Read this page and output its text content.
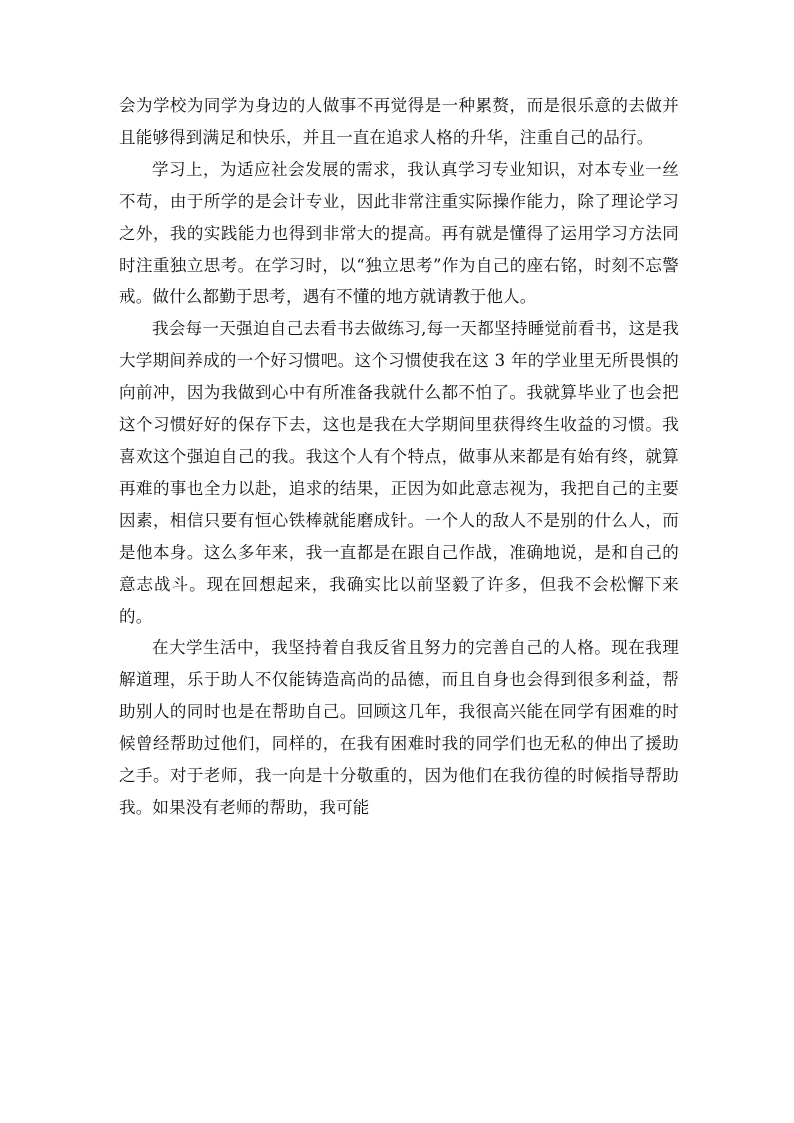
会为学校为同学为身边的人做事不再觉得是一种累赘，而是很乐意的去做并且能够得到满足和快乐，并且一直在追求人格的升华，注重自己的品行。

学习上，为适应社会发展的需求，我认真学习专业知识，对本专业一丝不苟，由于所学的是会计专业，因此非常注重实际操作能力，除了理论学习之外，我的实践能力也得到非常大的提高。再有就是懂得了运用学习方法同时注重独立思考。在学习时，以“独立思考”作为自己的座右铭，时刻不忘警戒。做什么都勤于思考，遇有不懂的地方就请教于他人。

我会每一天强迫自己去看书去做练习,每一天都坚持睡觉前看书，这是我大学期间养成的一个好习惯吧。这个习惯使我在这 3 年的学业里无所畏惧的向前冲，因为我做到心中有所准备我就什么都不怕了。我就算毕业了也会把这个习惯好好的保存下去，这也是我在大学期间里获得终生收益的习惯。我喜欢这个强迫自己的我。我这个人有个特点，做事从来都是有始有终，就算再难的事也全力以赴，追求的结果，正因为如此意志视为，我把自己的主要因素，相信只要有恒心铁棒就能磨成针。一个人的敌人不是别的什么人，而是他本身。这么多年来，我一直都是在跟自己作战，准确地说，是和自己的意志战斗。现在回想起来，我确实比以前坚毅了许多，但我不会松懈下来的。

在大学生活中，我坚持着自我反省且努力的完善自己的人格。现在我理解道理，乐于助人不仅能铸造高尚的品德，而且自身也会得到很多利益，帮助别人的同时也是在帮助自己。回顾这几年，我很高兴能在同学有困难的时候曾经帮助过他们，同样的，在我有困难时我的同学们也无私的伸出了援助之手。对于老师，我一向是十分敬重的，因为他们在我彷徨的时候指导帮助我。如果没有老师的帮助，我可能
